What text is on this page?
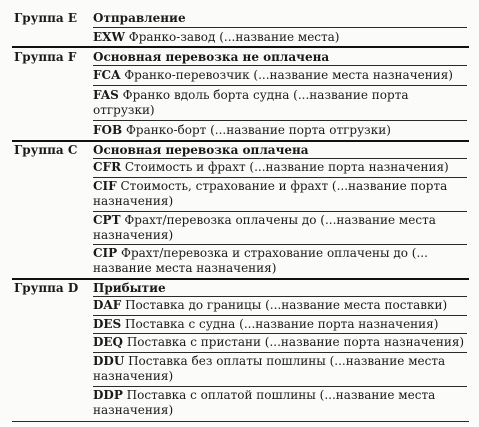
Группа E Отправление
EXW Франко-завод (...название места)
Группа F Основная перевозка не оплачена
FCA Франко-перевозчик (...название места назначения)
FAS Франко вдоль борта судна (...название порта
отгрузки)
FOB Франко-борт (...название порта отгрузки)
Группа C Основная перевозка оплачена
CFR Стоимость и фрахт (...название порта назначения)
CIF Стоимость, страхование и фрахт (...название порта
назначения)
CPT Фрахт/перевозка оплачены до (...название места
назначения)
CIP Фрахт/перевозка и страхование оплачены до (...
название места назначения)
Группа D Прибытие
DAF Поставка до границы (...название места поставки)
DES Поставка с судна (...название порта назначения)
DEQ Поставка с пристани (...название порта назначения)
DDU Поставка без оплаты пошлины (...название места
назначения)
DDP Поставка с оплатой пошлины (...название места
назначения)
